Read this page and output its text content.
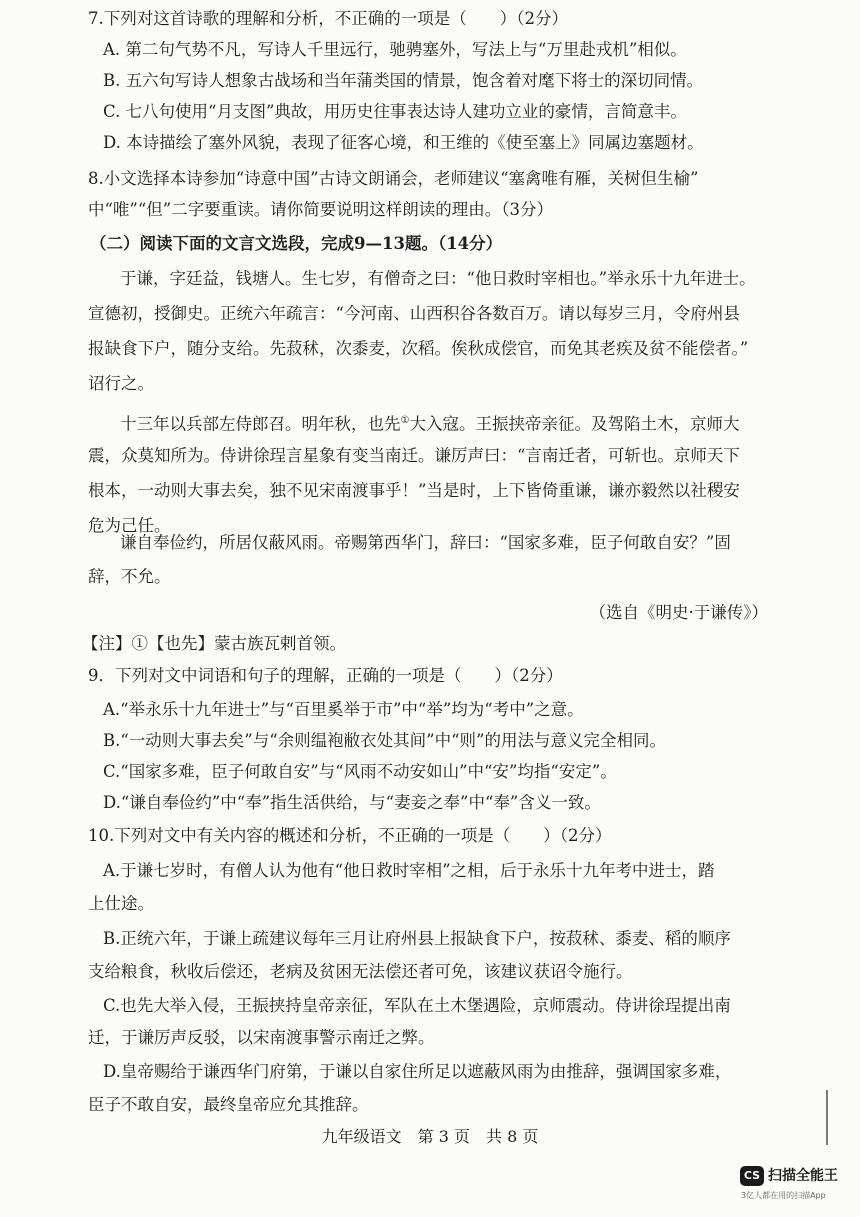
7.下列对这首诗歌的理解和分析，不正确的一项是（　　）（2分）
A. 第二句气势不凡，写诗人千里远行，驰骋塞外，写法上与“万里赴戎机”相似。
B. 五六句写诗人想象古战场和当年蒲类国的情景，饱含着对麾下将士的深切同情。
C. 七八句使用“月支图”典故，用历史往事表达诗人建功立业的豪情，言简意丰。
D. 本诗描绘了塞外风貌，表现了征客心境，和王维的《使至塞上》同属边塞题材。
8.小文选择本诗参加“诗意中国”古诗文朗诵会，老师建议“塞禽唯有雁，关树但生榆”
中“唯”“但”二字要重读。请你简要说明这样朗读的理由。（3分）
（二）阅读下面的文言文选段，完成9—13题。（14分）
于谦，字廷益，钱塘人。生七岁，有僧奇之曰：“他日救时宰相也。”举永乐十九年进士。
宣德初，授御史。正统六年疏言：“今河南、山西积谷各数百万。请以每岁三月，令府州县
报缺食下户，随分支给。先菽秫，次黍麦，次稻。俟秋成偿官，而免其老疾及贫不能偿者。”
诏行之。
十三年以兵部左侍郎召。明年秋，也先①大入寇。王振挟帝亲征。及驾陷土木，京师大
震，众莫知所为。侍讲徐珵言星象有变当南迁。谦厉声曰：“言南迁者，可斩也。京师天下
根本，一动则大事去矣，独不见宋南渡事乎！”当是时，上下皆倚重谦，谦亦毅然以社稷安
危为己任。
谦自奉俭约，所居仅蔽风雨。帝赐第西华门，辞曰：“国家多难，臣子何敢自安？”固
辞，不允。
（选自《明史·于谦传》）
【注】①【也先】蒙古族瓦剌首领。
9．下列对文中词语和句子的理解，正确的一项是（　　）（2分）
A.“举永乐十九年进士”与“百里奚举于市”中“举”均为“考中”之意。
B.“一动则大事去矣”与“余则缊袍敝衣处其间”中“则”的用法与意义完全相同。
C.“国家多难，臣子何敢自安”与“风雨不动安如山”中“安”均指“安定”。
D.“谦自奉俭约”中“奉”指生活供给，与“妻妾之奉”中“奉”含义一致。
10.下列对文中有关内容的概述和分析，不正确的一项是（　　）（2分）
A.于谦七岁时，有僧人认为他有“他日救时宰相”之相，后于永乐十九年考中进士，踏
上仕途。
B.正统六年，于谦上疏建议每年三月让府州县上报缺食下户，按菽秫、黍麦、稻的顺序
支给粮食，秋收后偿还，老病及贫困无法偿还者可免，该建议获诏令施行。
C.也先大举入侵，王振挟持皇帝亲征，军队在土木堡遇险，京师震动。侍讲徐珵提出南
迁，于谦厉声反驳，以宋南渡事警示南迁之弊。
D.皇帝赐给于谦西华门府第，于谦以自家住所足以遮蔽风雨为由推辞，强调国家多难，
臣子不敢自安，最终皇帝应允其推辞。
九年级语文　第 3 页　共 8 页
CS 扫描全能王
3亿人都在用的扫描App
